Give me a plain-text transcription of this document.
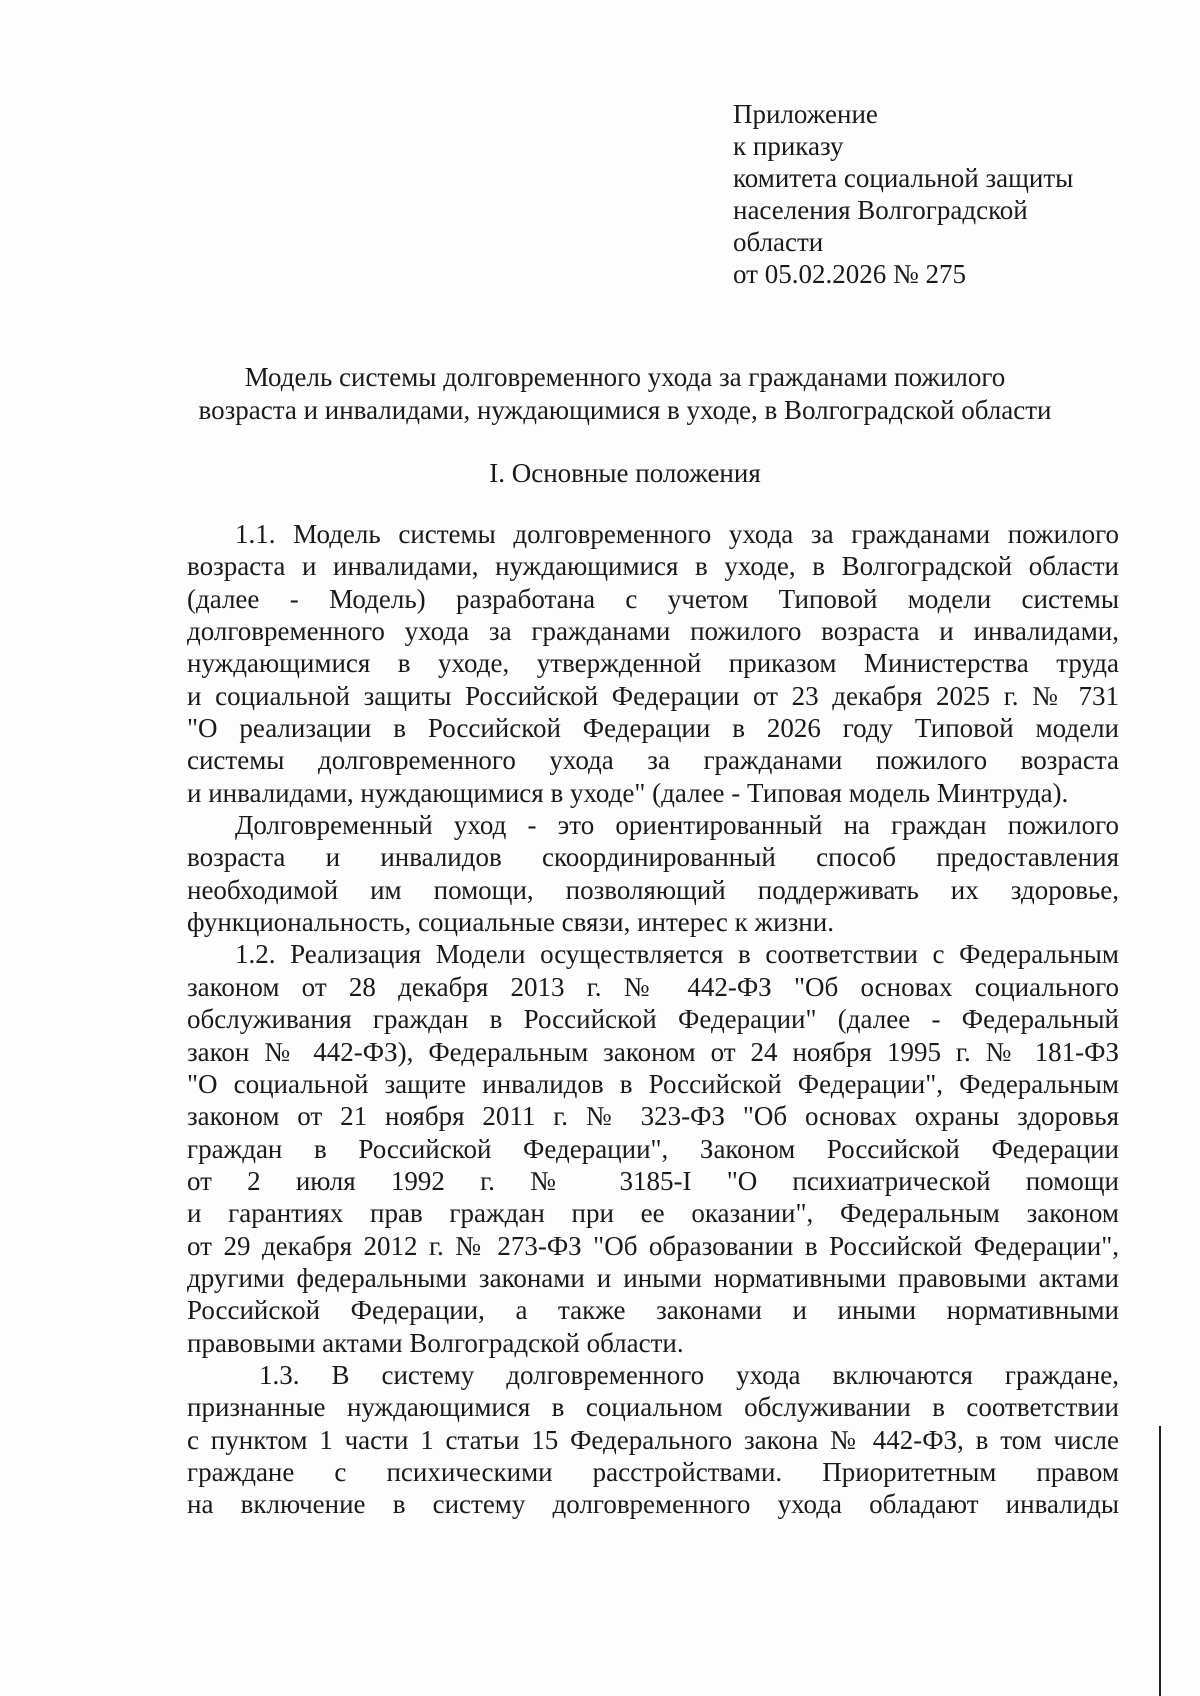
Приложение
к приказу
комитета социальной защиты
населения Волгоградской
области
от 05.02.2026 № 275
Модель системы долговременного ухода за гражданами пожилого
возраста и инвалидами, нуждающимися в уходе, в Волгоградской области
I. Основные положения
1.1. Модель системы долговременного ухода за гражданами пожилого
возраста и инвалидами, нуждающимися в уходе, в Волгоградской области
(далее - Модель) разработана с учетом Типовой модели системы
долговременного ухода за гражданами пожилого возраста и инвалидами,
нуждающимися в уходе, утвержденной приказом Министерства труда
и социальной защиты Российской Федерации от 23 декабря 2025 г. № 731
"О реализации в Российской Федерации в 2026 году Типовой модели
системы долговременного ухода за гражданами пожилого возраста
и инвалидами, нуждающимися в уходе" (далее - Типовая модель Минтруда).
Долговременный уход - это ориентированный на граждан пожилого
возраста и инвалидов скоординированный способ предоставления
необходимой им помощи, позволяющий поддерживать их здоровье,
функциональность, социальные связи, интерес к жизни.
1.2. Реализация Модели осуществляется в соответствии с Федеральным
законом от 28 декабря 2013 г. № 442-ФЗ "Об основах социального
обслуживания граждан в Российской Федерации" (далее - Федеральный
закон № 442-ФЗ), Федеральным законом от 24 ноября 1995 г. № 181-ФЗ
"О социальной защите инвалидов в Российской Федерации", Федеральным
законом от 21 ноября 2011 г. № 323-ФЗ "Об основах охраны здоровья
граждан в Российской Федерации", Законом Российской Федерации
от 2 июля 1992 г. № 3185-I "О психиатрической помощи
и гарантиях прав граждан при ее оказании", Федеральным законом
от 29 декабря 2012 г. № 273-ФЗ "Об образовании в Российской Федерации",
другими федеральными законами и иными нормативными правовыми актами
Российской Федерации, а также законами и иными нормативными
правовыми актами Волгоградской области.
1.3. В систему долговременного ухода включаются граждане,
признанные нуждающимися в социальном обслуживании в соответствии
с пунктом 1 части 1 статьи 15 Федерального закона № 442-ФЗ, в том числе
граждане с психическими расстройствами. Приоритетным правом
на включение в систему долговременного ухода обладают инвалиды
